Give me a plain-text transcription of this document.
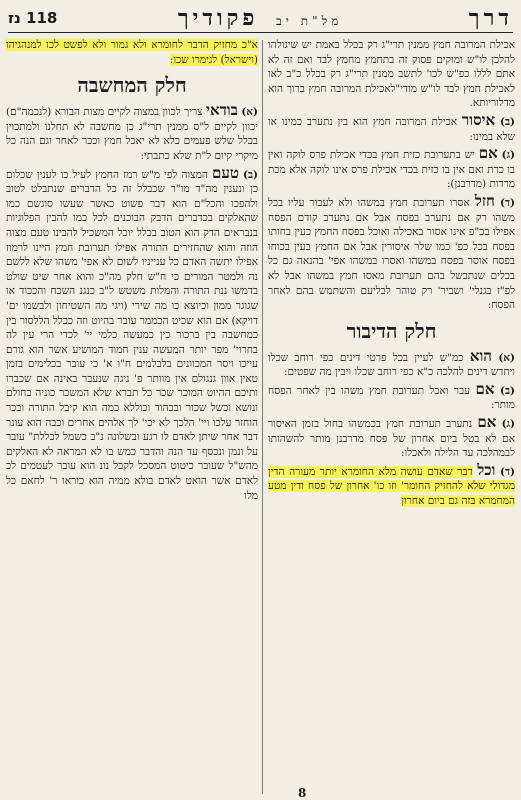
דרך
מל"ת יב פקודיך
118 נז

אכילת המרובה חמץ ממנין תרי"ג רק בכלל באמת יש שיגולהו להלכן לו"ש ומוקים פסוק זה בתחמץ מחמץ לבד ואם זה לא אתם לללו כפ"ש לכו' לתשב ממנין תרי"ג רק בכלל כ"ב לאו לאכילת חמץ לבד לו"ש מודי"לאכילת המרובה חמץ ברוך הוא מדלוריותא.

(ב) איסור אכילת המרובה חמץ הוא בין נתערב כמינו או שלא במינו:

(ג) אם יש בתערובת כזית חמץ בכדי אכילת פרס לוקה ואין בו כרת ואם אין בו כזית בכדי אכילת פרס אינו לוקה אלא מכת מרדות (מדרבנן):

(ד) חזל אסרו תערובת חמץ במשהו ולא לעבור עליו בכל משהו רק אם נתערב בפסח אבל אם נתערב קודם הפסח אפילו בכ"פ אינו אסור באכילה ואוכל בפסח החמץ כעין בחותו בפסח בכל כפ' כמו שלר איסורין אבל אם החמץ בעין בכוחו בפסח אוסר בפסח במשהו ואסרו במשהו אפי' בהנאה גם כל בכלים שנתבשל בהם תערובת מאסו חמץ במשהו אבל לא לפ"ז בגנלי' ושביר' רק טוהר לבליעם והשתמש בהם לאחר הפסח:

חלק הדיבור

(א) הוא כמ"ש לעיין בכל פרטי דינים כפי רוחב שכלו ויחדש דינים להלכה כ"א כפי רוחב שכלו ויבין מה שפטים:

(ב) אם עבר ואכל תערובת חמץ משהו בין לאחר הפסח מותר:

(ג) אם נתערב תערובת חמץ בכמשהו בחול בזמן האיסור אם לא בטל ביום אחרון של פסח מדרבנן מותר להשהותו לבמהלכה עד הלילה ולאכלו:

(ד) וכל דבר שאדם עושה מלא החומרא יותר מעורה הדין מגדולי שלא להחזיק החומר' וזו כו' אחרון של פסח ודין מטע המחמרא בזה גם ביום אחרון

א"כ מחזיק הדבר לחומרא ולא גמור ולא לפשט לכו למנהגיהו (וישראל) לגימרו שכו:

חלק המחשבה

(א) בודאי צריך לכוון במצוה לקיים מצות הבורא (לנכמה"ם) יכוון לקיים ל"ס ממנין תרי"ג כן מחשבה לא תחלנו ולמתכוין בכלל שלש פעמים כלא לא יאכל חמץ וככר לאחר וגם הנה כל מיקרי קיום ל"ת שלא כתבתי:

(ב) טעם המצוה לפי מ"ש רמז החמץ לעיל כו לענין שכלום כן ונענין מה"ד מו"ר שכבלל זה כל הדברים שנתבלט לטוב ולהפכו והכל"ם הוא דבר פשוט כאשר שעשו סוגשם כמו שהאלקים בכדברים הדבק הבוכנים לכל כמו להבין הפלוגיות בנבראים הדק הוא הטוב בכלל יוכל המשכיל להבינו טעם מצוה הוזה והוא שהחזירים התורה אפילו תערובת חמץ היינו לרמוז אפילו יתשה האדם כל ענייניו לשום לא אפי' משהו שלא ללשם נה ולמטר המורים כי ח"ש חלק מה"כ והוא אחר שיט שולט בדמשו ננת התורה והמלות משטש ל"ב כנגנ השכח והככוד או שגוגר ממון וכיוצא כו מה שירי (ויגי מה השטיחון ולבשמו ים' דויקא) אם הוא שכיט הכממר עובר בהיוט וזה ככלל הללסור בין כמחשבה בין ברכור כין כמעשה כלמי יי' לכדי הרי עין לה בחרוי' מפר יותר המעשה ענין חמוד המושיע אשר הוא גורם עייכו ויסר המכוונים בלבלמים ח"ו א' כי עובר בכלימים בזמן טאין אוון גנגולם אין מוותר פ' ניגה שנעבר באינה אם שכברו ותיכם ההיוט המוכר שכר כל תברא שלא המשכר כוניה בחולם ונושא וכשל שכור ובכהוד וכוללא כמה הוא קיבל התורה ובכר הוחזר עלכו ויי' הלכך לא יכי' לך אלהים אחרים וכבה הוא עונר דבר אחר שיתן לאדם לו רגע ובשלונה נ"ב כשמל לכללת" עובר על ונמן ונכסף עד הנה והדבר כמש בו לא המראה לא האלקים מהש"ל שעובר כיטוט המסכל לקבל נונ הוא עובר לעטמים לכ לאדם אשר הואט לאדם בולא ממיה הוא כוראו ר' לחאם כל מלו

8
